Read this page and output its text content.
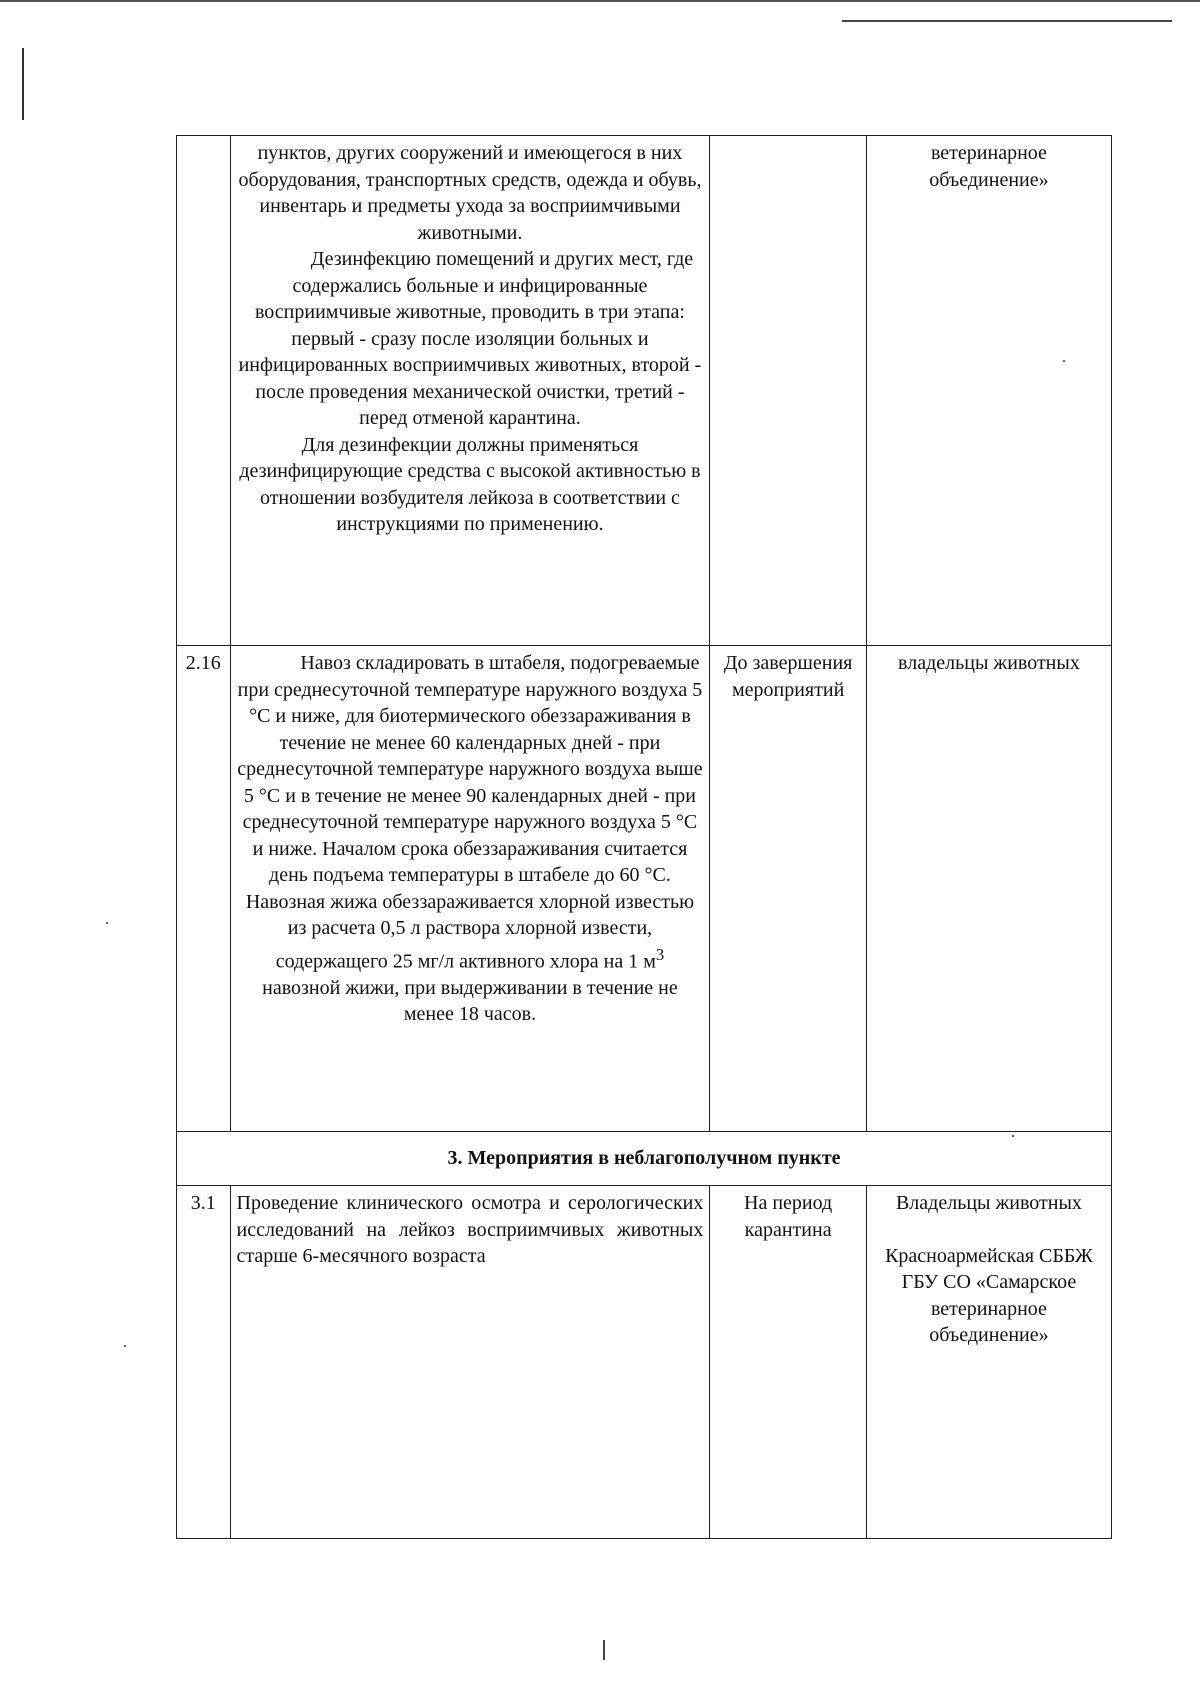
	пунктов, других сооружений и имеющегося в них оборудования, транспортных средств, одежда и обувь, инвентарь и предметы ухода за восприимчивыми животными.
Дезинфекцию помещений и других мест, где содержались больные и инфицированные восприимчивые животные, проводить в три этапа: первый - сразу после изоляции больных и инфицированных восприимчивых животных, второй - после проведения механической очистки, третий - перед отменой карантина.
Для дезинфекции должны применяться дезинфицирующие средства с высокой активностью в отношении возбудителя лейкоза в соответствии с инструкциями по применению.		ветеринарное объединение»

2.16	Навоз складировать в штабеля, подогреваемые при среднесуточной температуре наружного воздуха 5 °C и ниже, для биотермического обеззараживания в течение не менее 60 календарных дней - при среднесуточной температуре наружного воздуха выше 5 °C и в течение не менее 90 календарных дней - при среднесуточной температуре наружного воздуха 5 °C и ниже. Началом срока обеззараживания считается день подъема температуры в штабеле до 60 °C. Навозная жижа обеззараживается хлорной известью из расчета 0,5 л раствора хлорной извести, содержащего 25 мг/л активного хлора на 1 $м^3$ навозной жижи, при выдерживании в течение не менее 18 часов.	До завершения мероприятий	владельцы животных

3. Мероприятия в неблагополучном пункте			
3.1	Проведение клинического осмотра и серологических исследований на лейкоз восприимчивых животных старше 6-месячного возраста	На период карантина	Владельцы животных
Красноармейская СББЖ ГБУ СО «Самарское ветеринарное объединение»
